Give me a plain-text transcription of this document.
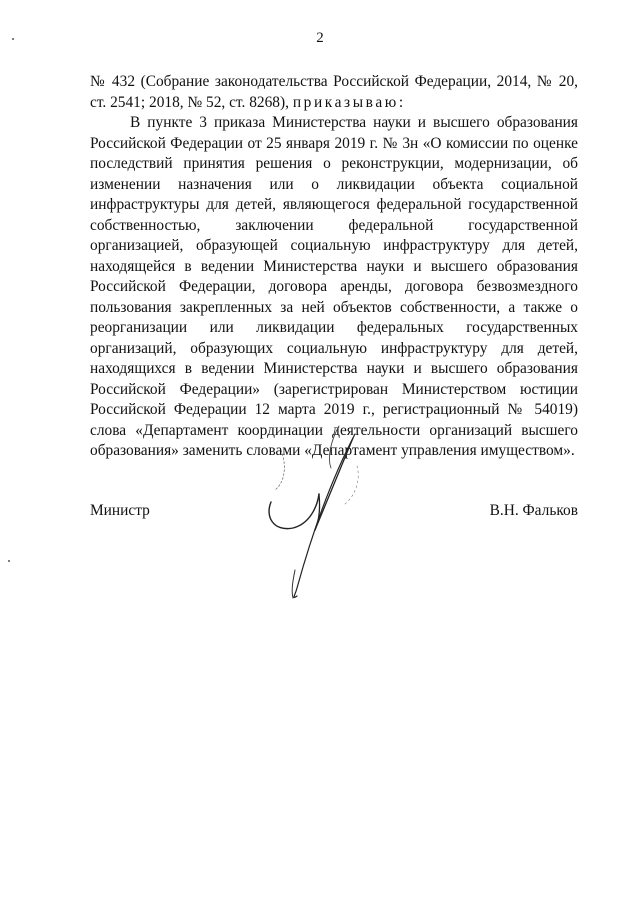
2

№ 432 (Собрание законодательства Российской Федерации, 2014, № 20, ст. 2541; 2018, № 52, ст. 8268), приказываю:

В пункте 3 приказа Министерства науки и высшего образования Российской Федерации от 25 января 2019 г. № 3н «О комиссии по оценке последствий принятия решения о реконструкции, модернизации, об изменении назначения или о ликвидации объекта социальной инфраструктуры для детей, являющегося федеральной государственной собственностью, заключении федеральной государственной организацией, образующей социальную инфраструктуру для детей, находящейся в ведении Министерства науки и высшего образования Российской Федерации, договора аренды, договора безвозмездного пользования закрепленных за ней объектов собственности, а также о реорганизации или ликвидации федеральных государственных организаций, образующих социальную инфраструктуру для детей, находящихся в ведении Министерства науки и высшего образования Российской Федерации» (зарегистрирован Министерством юстиции Российской Федерации 12 марта 2019 г., регистрационный № 54019) слова «Департамент координации деятельности организаций высшего образования» заменить словами «Департамент управления имуществом».

Министр	В.Н. Фальков
